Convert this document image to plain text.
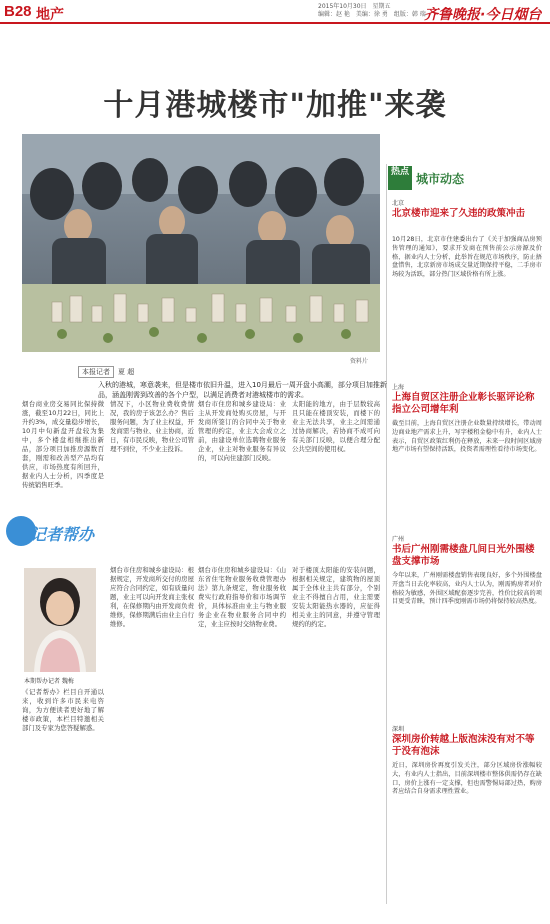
B28 地产
2015年10月30日 星期五
编辑：赵 艳 美编：徐 勇 组版：韩 瑞
齐鲁晚报·今日烟台
十月港城楼市"加推"来袭
资料片
热点 城市动态
本报记者 夏 超

入秋的港城，寒意袭来，但是楼市依旧升温，进入10月最后一周开盘小高潮，部分项目加推新品，涵盖刚需到改善的各个户型，以满足消费者对港城楼市的需求。

烟台商业房交易同比保持微涨，截至10月22日，同比上升约3%，成交量稳步增长，10月中旬新盘开盘较为集中，多个楼盘相继推出新品，部分项目加推房源数百套，刚需和改善型产品均有供应，市场热度有所回升，据业内人士分析，四季度是传统销售旺季。

情况下，小区物业费收费情况，我的房子该怎么办？售后服务问题，为了业主权益，开发商需与物业、业主协商，近日，有市民反映，物业公司管理不到位，不少业主投诉。

烟台市住房和城乡建设局：业主从开发商处购买房屋，与开发商所签订的合同中关于物业管理的约定，业主大会成立之前，由建设单位选聘物业服务企业，业主对物业服务有异议的，可以向住建部门反映。

太阳能的地方，由于层数较高且只能在楼顶安装，而楼下的业主无法共享，业主之间需通过协商解决，若协商不成可向有关部门反映，以便合理分配公共空间的使用权。

记者帮办
本期帮办记者 魏梅

《记者帮办》栏目自开通以来，收到许多市民来电咨询，为方便读者更好地了解楼市政策，本栏目特邀相关部门及专家为您答疑解惑。

烟台市住房和城乡建设局：根据规定，开发商所交付的房屋应符合合同约定，如有质量问题，业主可以向开发商主张权利，在保修期内由开发商负责维修，保修期满后由业主自行维修。

烟台市住房和城乡建设局：《山东省住宅物业服务收费管理办法》第九条规定，物业服务收费实行政府指导价和市场调节价，具体标准由业主与物业服务企业在物业服务合同中约定，业主应按时交纳物业费。

对于楼顶太阳能的安装问题，根据相关规定，建筑物的屋顶属于全体业主共有部分，个别业主不得擅自占用，业主需要安装太阳能热水器的，应征得相关业主的同意，并遵守管理规约的约定。

北京
北京楼市迎来了久违的政策冲击

10月28日，北京市住建委出台了《关于加强商品房预售管理的通知》，要求开发商在预售前公示房源及价格，据业内人士分析，此举旨在规范市场秩序，防止捂盘惜售，北京新房市场成交量近期保持平稳，二手房市场较为活跃，部分热门区域价格有所上涨。

上海
上海自贸区注册企业彰长驱评论称指立公司增年利

截至目前，上海自贸区注册企业数量持续增长，带动周边商业地产需求上升，写字楼租金稳中有升，业内人士表示，自贸区政策红利仍在释放，未来一段时间区域房地产市场有望保持活跃，投资者需理性看待市场变化。

广州
书后广州刚需楼盘几间日光外围楼盘支撑市场

今年以来，广州刚需楼盘销售表现良好，多个外围楼盘开盘当日去化率较高，业内人士认为，刚需购房者对价格较为敏感，外围区域配套逐步完善，性价比较高的项目更受青睐，预计四季度刚需市场仍将保持较高热度。

深圳
深圳房价转越上版泡沫没有对不等于没有泡沫

近日，深圳房价再度引发关注，部分区域房价涨幅较大，有业内人士指出，目前深圳楼市整体供需仍存在缺口，房价上涨有一定支撑，但也需警惕局部过热，购房者应结合自身需求理性置业。
